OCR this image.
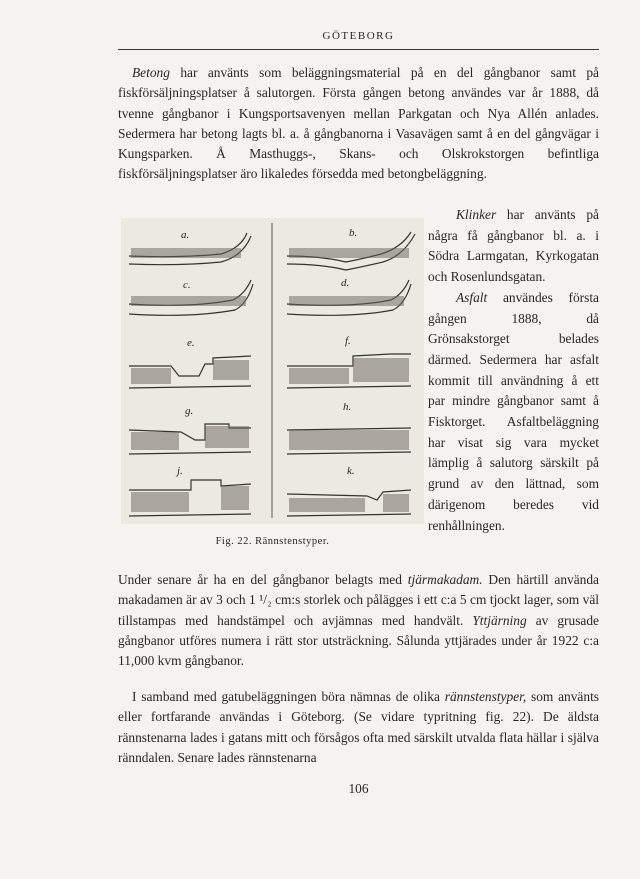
GÖTEBORG

Betong har använts som beläggningsmaterial på en del gångbanor samt på fiskförsäljningsplatser å salutorgen. Första gången betong användes var år 1888, då tvenne gångbanor i Kungsportsavenyen mellan Parkgatan och Nya Allén anlades. Sedermera har betong lagts bl. a. å gångbanorna i Vasavägen samt å en del gångvägar i Kungsparken. Å Masthuggs-, Skans- och Olskrokstorgen befintliga fiskförsäljningsplatser äro likaledes försedda med betongbeläggning.

a.	b.
c.	d.
e.	f.
g.	h.
j.	k.
Fig. 22. Rännstenstyper.

Klinker har använts på några få gångbanor bl. a. i Södra Larmgatan, Kyrkogatan och Rosenlundsgatan.

Asfalt användes första gången 1888, då Grönsakstorget belades därmed. Sedermera har asfalt kommit till användning å ett par mindre gångbanor samt å Fisktorget. Asfaltbeläggning har visat sig vara mycket lämplig å salutorg särskilt på grund av den lättnad, som därigenom beredes vid renhållningen.

Under senare år ha en del gångbanor belagts med tjärmakadam. Den härtill använda makadamen är av 3 och 1 ¹/₂ cm:s storlek och pålägges i ett c:a 5 cm tjockt lager, som väl tillstampas med handstämpel och avjämnas med handvält. Yttjärning av grusade gångbanor utföres numera i rätt stor utsträckning. Sålunda yttjärades under år 1922 c:a 11,000 kvm gångbanor.

I samband med gatubeläggningen böra nämnas de olika rännstenstyper, som använts eller fortfarande användas i Göteborg. (Se vidare typritning fig. 22). De äldsta rännstenarna lades i gatans mitt och försågos ofta med särskilt utvalda flata hällar i själva ränndalen. Senare lades rännstenarna

106
